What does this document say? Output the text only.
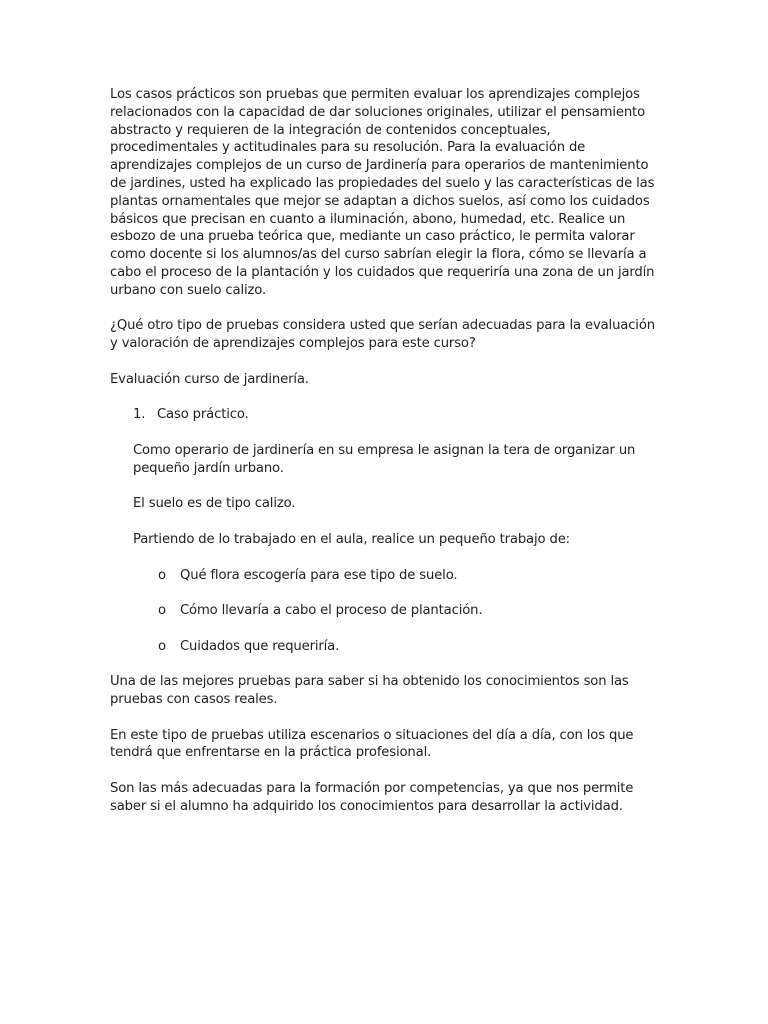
Los casos prácticos son pruebas que permiten evaluar los aprendizajes complejos relacionados con la capacidad de dar soluciones originales, utilizar el pensamiento abstracto y requieren de la integración de contenidos conceptuales, procedimentales y actitudinales para su resolución. Para la evaluación de aprendizajes complejos de un curso de Jardinería para operarios de mantenimiento de jardines, usted ha explicado las propiedades del suelo y las características de las plantas ornamentales que mejor se adaptan a dichos suelos, así como los cuidados básicos que precisan en cuanto a iluminación, abono, humedad, etc. Realice un esbozo de una prueba teórica que, mediante un caso práctico, le permita valorar como docente si los alumnos/as del curso sabrían elegir la flora, cómo se llevaría a cabo el proceso de la plantación y los cuidados que requeriría una zona de un jardín urbano con suelo calizo.

¿Qué otro tipo de pruebas considera usted que serían adecuadas para la evaluación y valoración de aprendizajes complejos para este curso?

Evaluación curso de jardinería.

1. Caso práctico.

Como operario de jardinería en su empresa le asignan la tera de organizar un pequeño jardín urbano.

El suelo es de tipo calizo.

Partiendo de lo trabajado en el aula, realice un pequeño trabajo de:

o Qué flora escogería para ese tipo de suelo.
o Cómo llevaría a cabo el proceso de plantación.
o Cuidados que requeriría.

Una de las mejores pruebas para saber si ha obtenido los conocimientos son las pruebas con casos reales.

En este tipo de pruebas utiliza escenarios o situaciones del día a día, con los que tendrá que enfrentarse en la práctica profesional.

Son las más adecuadas para la formación por competencias, ya que nos permite saber si el alumno ha adquirido los conocimientos para desarrollar la actividad.
